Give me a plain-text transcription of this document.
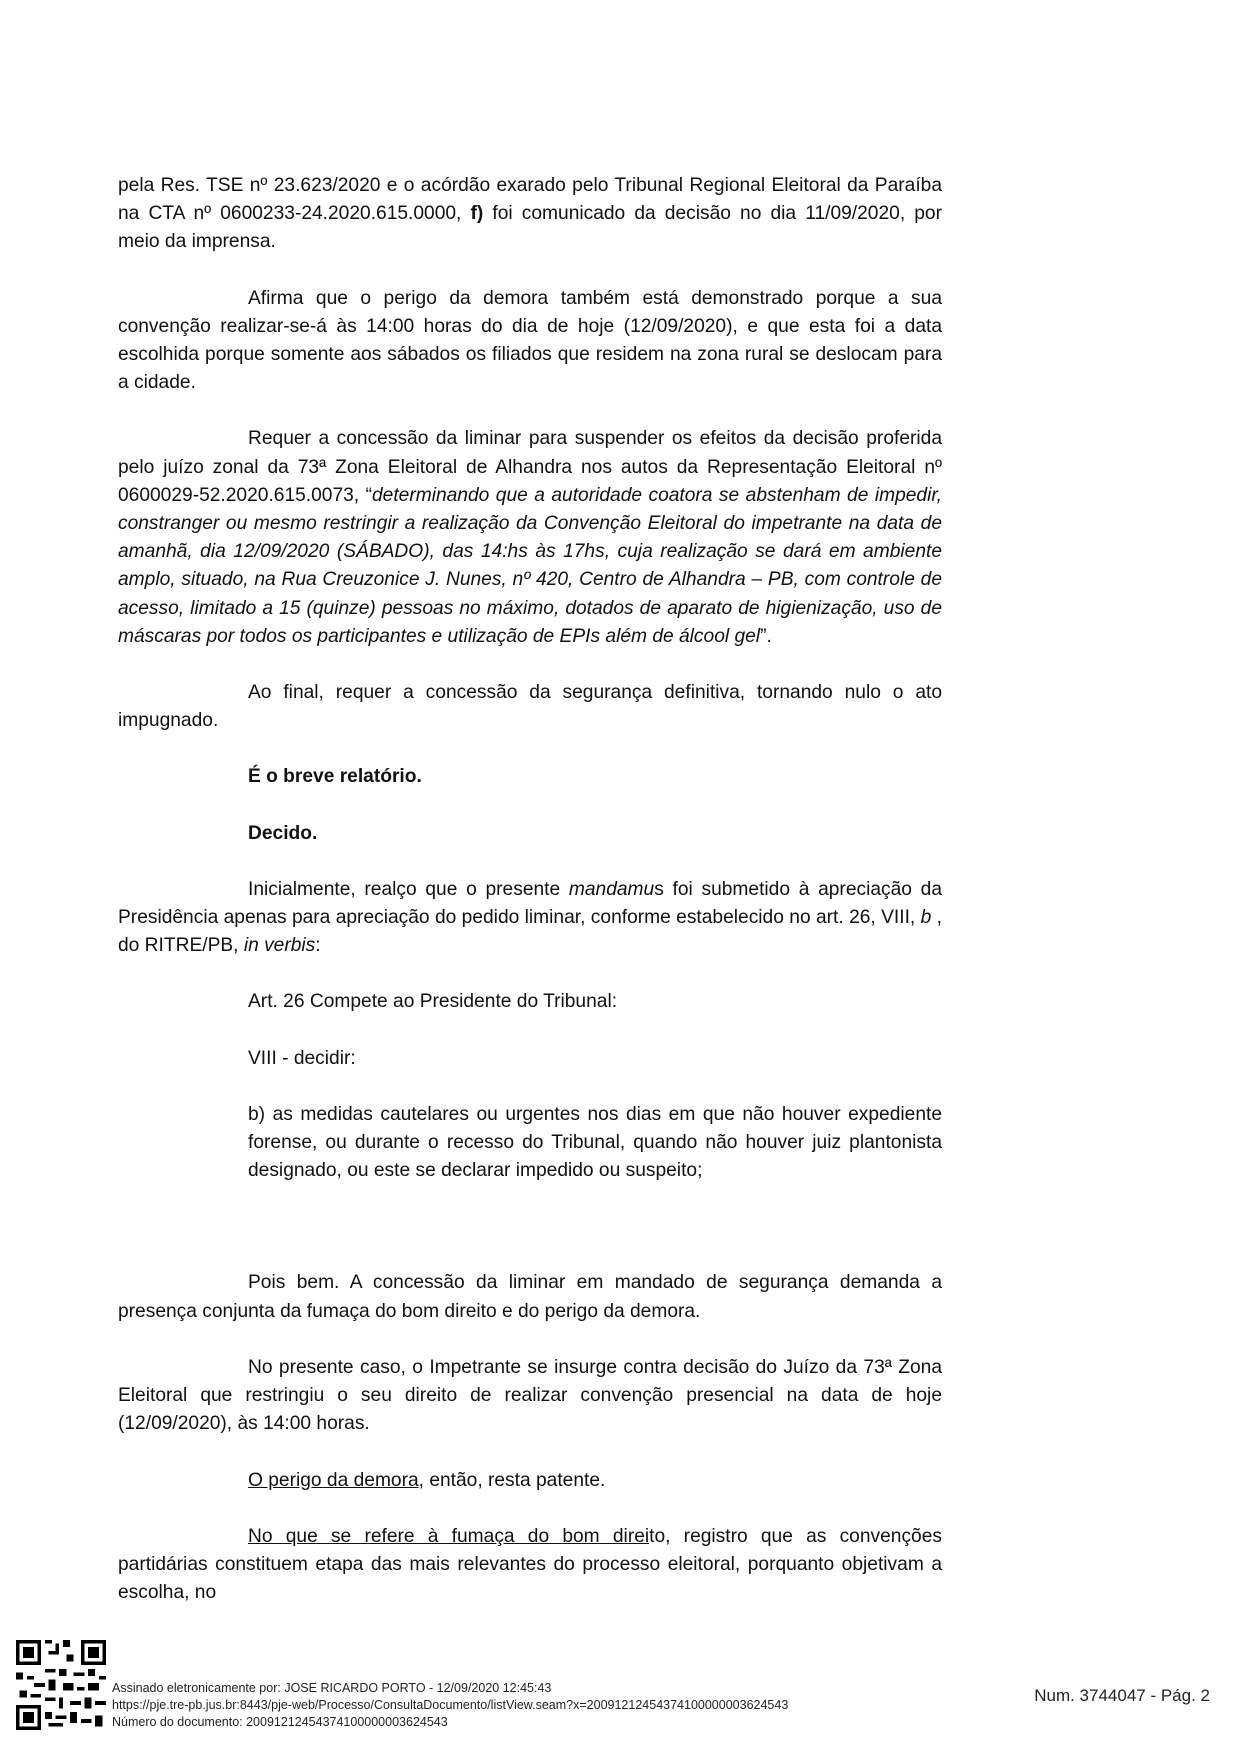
pela Res. TSE nº 23.623/2020 e o acórdão exarado pelo Tribunal Regional Eleitoral da Paraíba na CTA nº 0600233-24.2020.615.0000, f) foi comunicado da decisão no dia 11/09/2020, por meio da imprensa.

Afirma que o perigo da demora também está demonstrado porque a sua convenção realizar-se-á às 14:00 horas do dia de hoje (12/09/2020), e que esta foi a data escolhida porque somente aos sábados os filiados que residem na zona rural se deslocam para a cidade.

Requer a concessão da liminar para suspender os efeitos da decisão proferida pelo juízo zonal da 73ª Zona Eleitoral de Alhandra nos autos da Representação Eleitoral nº 0600029-52.2020.615.0073, “determinando que a autoridade coatora se abstenham de impedir, constranger ou mesmo restringir a realização da Convenção Eleitoral do impetrante na data de amanhã, dia 12/09/2020 (SÁBADO), das 14:hs às 17hs, cuja realização se dará em ambiente amplo, situado, na Rua Creuzonice J. Nunes, nº 420, Centro de Alhandra – PB, com controle de acesso, limitado a 15 (quinze) pessoas no máximo, dotados de aparato de higienização, uso de máscaras por todos os participantes e utilização de EPIs além de álcool gel”.

Ao final, requer a concessão da segurança definitiva, tornando nulo o ato impugnado.

É o breve relatório.

Decido.

Inicialmente, realço que o presente mandamus foi submetido à apreciação da Presidência apenas para apreciação do pedido liminar, conforme estabelecido no art. 26, VIII, b , do RITRE/PB, in verbis:

Art. 26 Compete ao Presidente do Tribunal:

VIII - decidir:

b) as medidas cautelares ou urgentes nos dias em que não houver expediente forense, ou durante o recesso do Tribunal, quando não houver juiz plantonista designado, ou este se declarar impedido ou suspeito;

Pois bem. A concessão da liminar em mandado de segurança demanda a presença conjunta da fumaça do bom direito e do perigo da demora.

No presente caso, o Impetrante se insurge contra decisão do Juízo da 73ª Zona Eleitoral que restringiu o seu direito de realizar convenção presencial na data de hoje (12/09/2020), às 14:00 horas.

O perigo da demora, então, resta patente.

No que se refere à fumaça do bom direito, registro que as convenções partidárias constituem etapa das mais relevantes do processo eleitoral, porquanto objetivam a escolha, no

Assinado eletronicamente por: JOSE RICARDO PORTO - 12/09/2020 12:45:43
https://pje.tre-pb.jus.br:8443/pje-web/Processo/ConsultaDocumento/listView.seam?x=20091212454374100000003624543
Número do documento: 20091212454374100000003624543
Num. 3744047 - Pág. 2
